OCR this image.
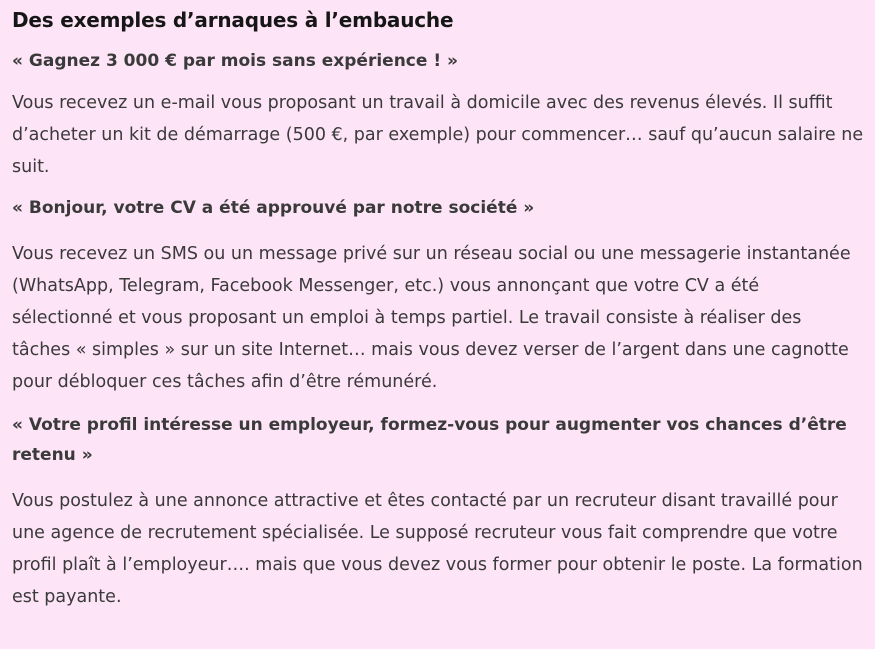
Des exemples d’arnaques à l’embauche

« Gagnez 3 000 € par mois sans expérience ! »

Vous recevez un e-mail vous proposant un travail à domicile avec des revenus élevés. Il suffit d’acheter un kit de démarrage (500 €, par exemple) pour commencer… sauf qu’aucun salaire ne suit.

« Bonjour, votre CV a été approuvé par notre société »

Vous recevez un SMS ou un message privé sur un réseau social ou une messagerie instantanée (WhatsApp, Telegram, Facebook Messenger, etc.) vous annonçant que votre CV a été sélectionné et vous proposant un emploi à temps partiel. Le travail consiste à réaliser des tâches « simples » sur un site Internet… mais vous devez verser de l’argent dans une cagnotte pour débloquer ces tâches afin d’être rémunéré.

« Votre profil intéresse un employeur, formez-vous pour augmenter vos chances d’être retenu »

Vous postulez à une annonce attractive et êtes contacté par un recruteur disant travaillé pour une agence de recrutement spécialisée. Le supposé recruteur vous fait comprendre que votre profil plaît à l’employeur…. mais que vous devez vous former pour obtenir le poste. La formation est payante.
